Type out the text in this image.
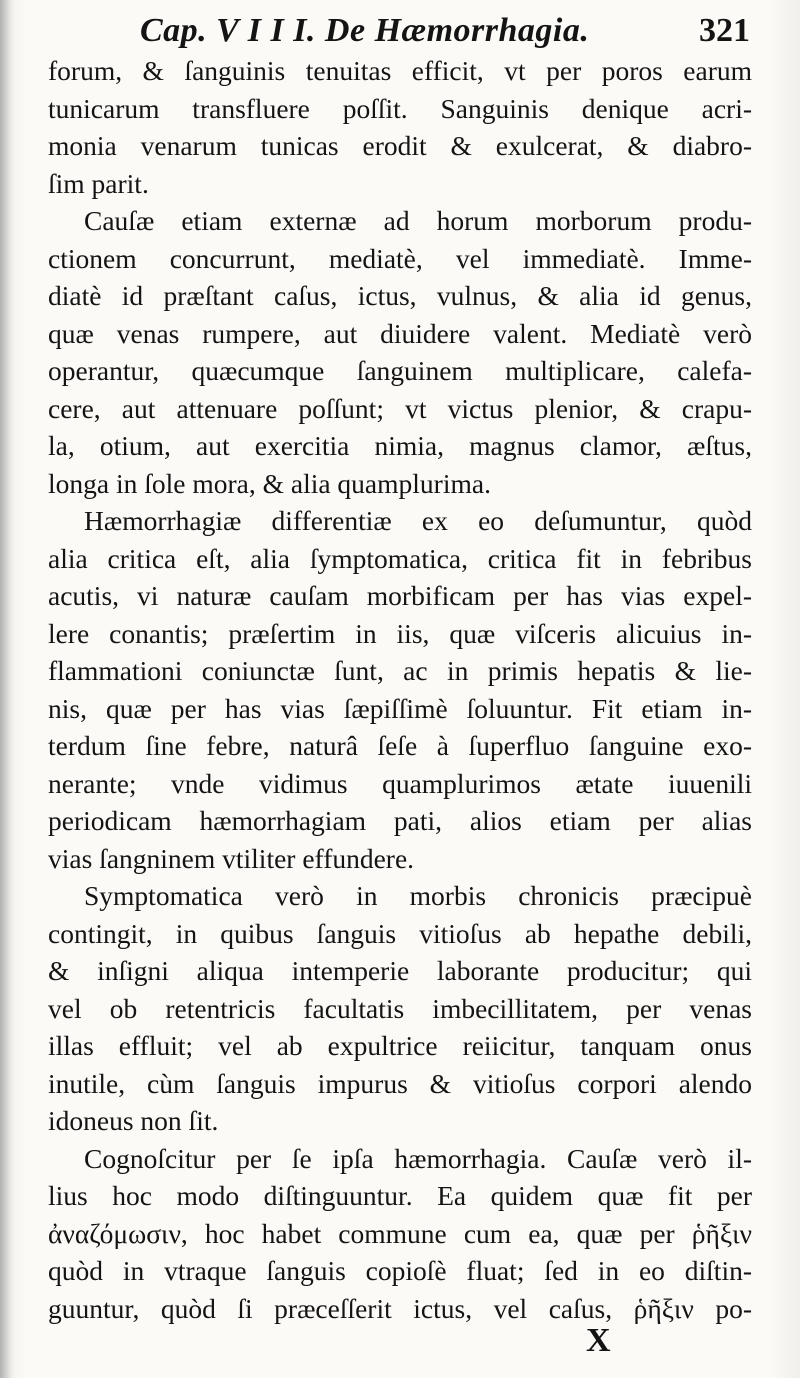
Cap. V I I I. De Hæmorrhagia.	321
forum, & ſanguinis tenuitas efficit, vt per poros earum
tunicarum transfluere poſſit. Sanguinis denique acri-
monia venarum tunicas erodit & exulcerat, & diabro-
ſim parit.
Cauſæ etiam externæ ad horum morborum produ-
ctionem concurrunt, mediatè, vel immediatè. Imme-
diatè id præſtant caſus, ictus, vulnus, & alia id genus,
quæ venas rumpere, aut diuidere valent. Mediatè verò
operantur, quæcumque ſanguinem multiplicare, calefa-
cere, aut attenuare poſſunt; vt victus plenior, & crapu-
la, otium, aut exercitia nimia, magnus clamor, æſtus,
longa in ſole mora, & alia quamplurima.
Hæmorrhagiæ differentiæ ex eo deſumuntur, quòd
alia critica eſt, alia ſymptomatica, critica fit in febribus
acutis, vi naturæ cauſam morbificam per has vias expel-
lere conantis; præſertim in iis, quæ viſceris alicuius in-
flammationi coniunctæ ſunt, ac in primis hepatis & lie-
nis, quæ per has vias ſæpiſſimè ſoluuntur. Fit etiam in-
terdum ſine febre, naturâ ſeſe à ſuperfluo ſanguine exo-
nerante; vnde vidimus quamplurimos ætate iuuenili
periodicam hæmorrhagiam pati, alios etiam per alias
vias ſangninem vtiliter effundere.
Symptomatica verò in morbis chronicis præcipuè
contingit, in quibus ſanguis vitioſus ab hepathe debili,
& inſigni aliqua intemperie laborante producitur; qui
vel ob retentricis facultatis imbecillitatem, per venas
illas effluit; vel ab expultrice reiicitur, tanquam onus
inutile, cùm ſanguis impurus & vitioſus corpori alendo
idoneus non ſit.
Cognoſcitur per ſe ipſa hæmorrhagia. Cauſæ verò il-
lius hoc modo diſtinguuntur. Ea quidem quæ fit per
ἀναζόμωσιν, hoc habet commune cum ea, quæ per ῥῆξιν
quòd in vtraque ſanguis copioſè fluat; ſed in eo diſtin-
guuntur, quòd ſi præceſſerit ictus, vel caſus, ῥῆξιν po-
X
